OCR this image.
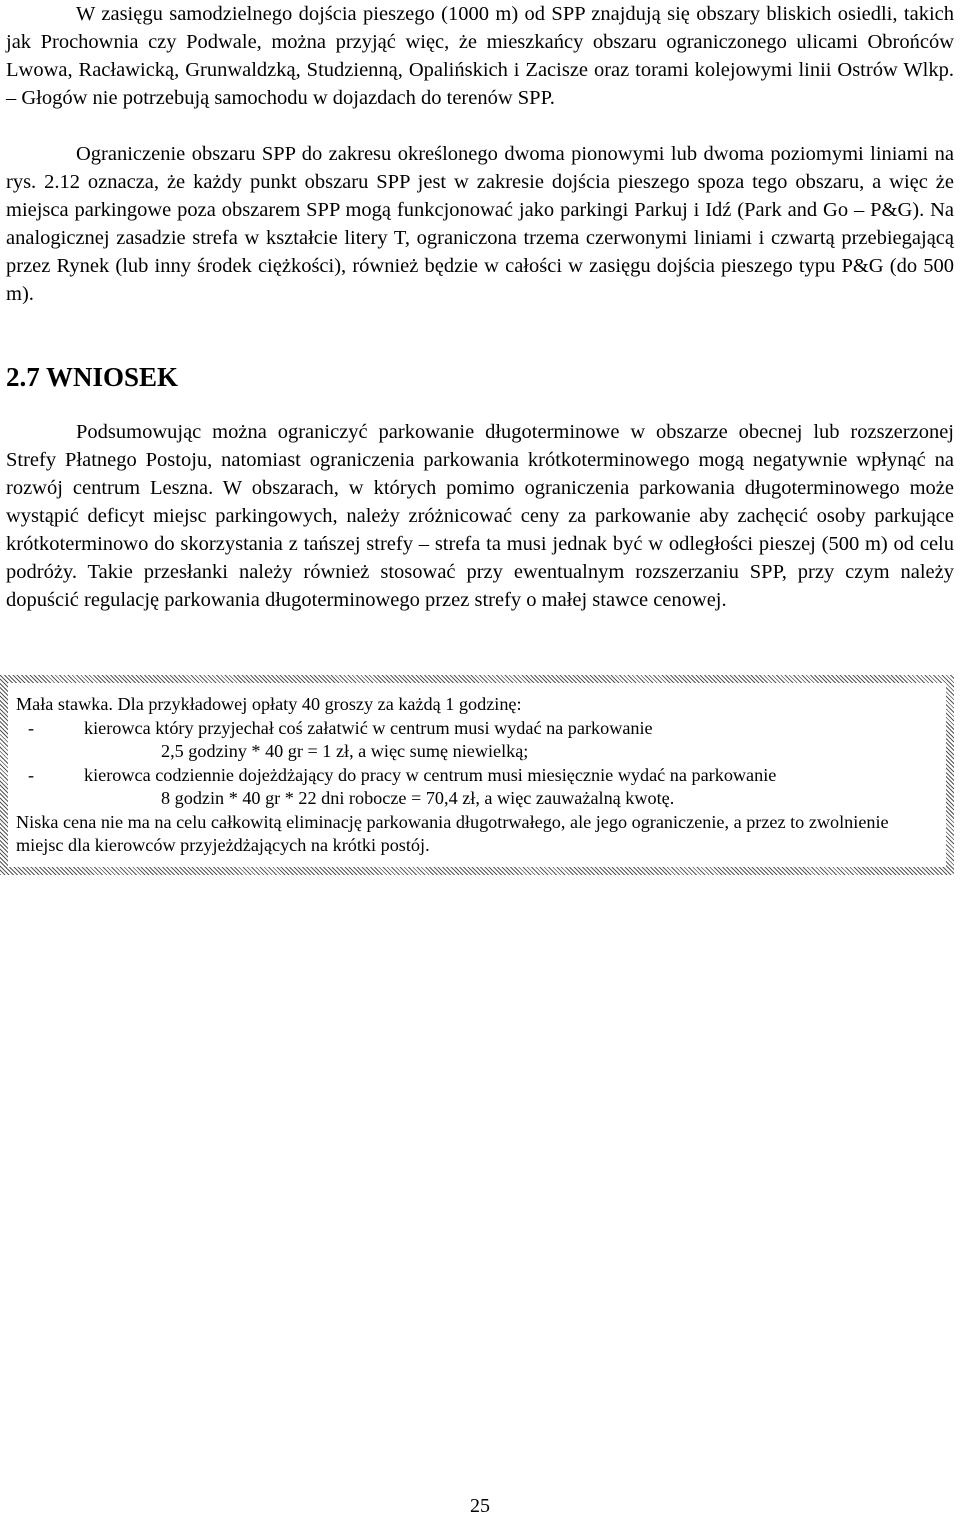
W zasięgu samodzielnego dojścia pieszego (1000 m) od SPP znajdują się obszary bliskich osiedli, takich jak Prochownia czy Podwale, można przyjąć więc, że mieszkańcy obszaru ograniczonego ulicami Obrońców Lwowa, Racławicką, Grunwaldzką, Studzienną, Opalińskich i Zacisze oraz torami kolejowymi linii Ostrów Wlkp. – Głogów nie potrzebują samochodu w dojazdach do terenów SPP.

Ograniczenie obszaru SPP do zakresu określonego dwoma pionowymi lub dwoma poziomymi liniami na rys. 2.12 oznacza, że każdy punkt obszaru SPP jest w zakresie dojścia pieszego spoza tego obszaru, a więc że miejsca parkingowe poza obszarem SPP mogą funkcjonować jako parkingi Parkuj i Idź (Park and Go – P&G). Na analogicznej zasadzie strefa w kształcie litery T, ograniczona trzema czerwonymi liniami i czwartą przebiegającą przez Rynek (lub inny środek ciężkości), również będzie w całości w zasięgu dojścia pieszego typu P&G (do 500 m).

2.7 WNIOSEK

Podsumowując można ograniczyć parkowanie długoterminowe w obszarze obecnej lub rozszerzonej Strefy Płatnego Postoju, natomiast ograniczenia parkowania krótkoterminowego mogą negatywnie wpłynąć na rozwój centrum Leszna. W obszarach, w których pomimo ograniczenia parkowania długoterminowego może wystąpić deficyt miejsc parkingowych, należy zróżnicować ceny za parkowanie aby zachęcić osoby parkujące krótkoterminowo do skorzystania z tańszej strefy – strefa ta musi jednak być w odległości pieszej (500 m) od celu podróży. Takie przesłanki należy również stosować przy ewentualnym rozszerzaniu SPP, przy czym należy dopuścić regulację parkowania długoterminowego przez strefy o małej stawce cenowej.

Mała stawka. Dla przykładowej opłaty 40 groszy za każdą 1 godzinę:

-	kierowca który przyjechał coś załatwić w centrum musi wydać na parkowanie

2,5 godziny * 40 gr = 1 zł, a więc sumę niewielką;

-	kierowca codziennie dojeżdżający do pracy w centrum musi miesięcznie wydać na parkowanie

8 godzin * 40 gr * 22 dni robocze = 70,4 zł, a więc zauważalną kwotę.

Niska cena nie ma na celu całkowitą eliminację parkowania długotrwałego, ale jego ograniczenie, a przez to zwolnienie miejsc dla kierowców przyjeżdżających na krótki postój.

25
